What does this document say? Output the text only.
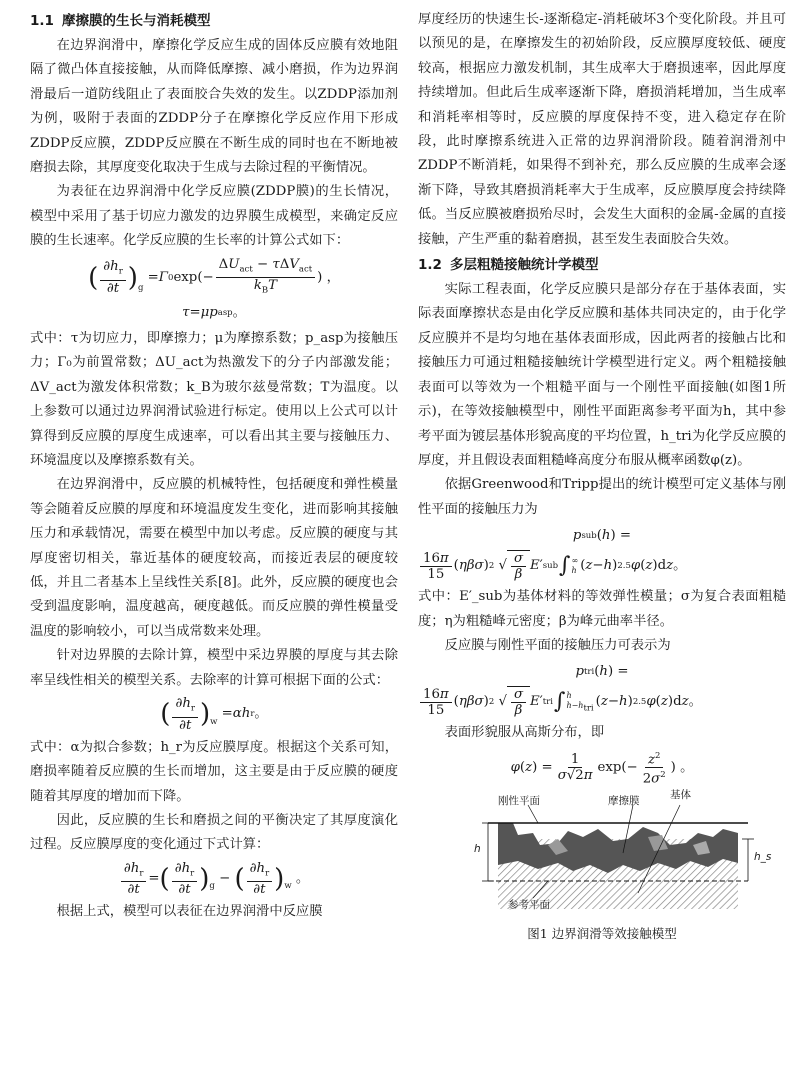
1.1 摩擦膜的生长与消耗模型

在边界润滑中，摩擦化学反应生成的固体反应膜有效地阻隔了微凸体直接接触，从而降低摩擦、减小磨损，作为边界润滑最后一道防线阻止了表面胶合失效的发生。以ZDDP添加剂为例，吸附于表面的ZDDP分子在摩擦化学反应作用下形成ZDDP反应膜，ZDDP反应膜在不断生成的同时也在不断地被磨损去除，其厚度变化取决于生成与去除过程的平衡情况。

为表征在边界润滑中化学反应膜(ZDDP膜)的生长情况，模型中采用了基于切应力激发的边界膜生成模型，来确定反应膜的生长速率。化学反应膜的生长率的计算公式如下：

( $\frac{\partial h_r}{\partial t} )_g$
= Γ 0 $\exp(- \frac{\Delta U_{act} - \tau\Delta V_{act}}{k_BT}$ ) ，
τ = μp asp 。

式中：τ为切应力，即摩擦力；μ为摩擦系数；p_asp为接触压力；Γ₀为前置常数；ΔU_act为热激发下的分子内部激发能；ΔV_act为激发体积常数；k_B为玻尔兹曼常数；T为温度。以上参数可以通过边界润滑试验进行标定。使用以上公式可以计算得到反应膜的厚度生成速率，可以看出其主要与接触压力、环境温度以及摩擦系数有关。

在边界润滑中，反应膜的机械特性，包括硬度和弹性模量等会随着反应膜的厚度和环境温度发生变化，进而影响其接触压力和承载情况，需要在模型中加以考虑。反应膜的硬度与其厚度密切相关，靠近基体的硬度较高，而接近表层的硬度较低，并且二者基本上呈线性关系[8]。此外，反应膜的硬度也会受到温度影响，温度越高，硬度越低。而反应膜的弹性模量受温度的影响较小，可以当成常数来处理。

针对边界膜的去除计算，模型中采边界膜的厚度与其去除率呈线性相关的模型关系。去除率的计算可根据下面的公式：

( $\frac{\partial h_r}{\partial t} )_w$
= αh r 。

式中：α为拟合参数；h_r为反应膜厚度。根据这个关系可知，磨损率随着反应膜的生长而增加，这主要是由于反应膜的硬度随着其厚度的增加而下降。

因此，反应膜的生长和磨损之间的平衡决定了其厚度演化过程。反应膜厚度的变化通过下式计算：

$\frac{\partial h_r}{\partial t}$ = ( $\frac{\partial h_r}{\partial t} )_g$
− ( $\frac{\partial h_r}{\partial t} )_w$
。

根据上式，模型可以表征在边界润滑中反应膜

厚度经历的快速生长-逐渐稳定-消耗破坏3个变化阶段。并且可以预见的是，在摩擦发生的初始阶段，反应膜厚度较低、硬度较高，根据应力激发机制，其生成率大于磨损速率，因此厚度持续增加。但此后生成率逐渐下降，磨损消耗增加，当生成率和消耗率相等时，反应膜的厚度保持不变，进入稳定存在阶段，此时摩擦系统进入正常的边界润滑阶段。随着润滑剂中ZDDP不断消耗，如果得不到补充，那么反应膜的生成率会逐渐下降，导致其磨损消耗率大于生成率，反应膜厚度会持续降低。当反应膜被磨损殆尽时，会发生大面积的金属-金属的直接接触，产生严重的黏着磨损，甚至发生表面胶合失效。

1.2 多层粗糙接触统计学模型

实际工程表面，化学反应膜只是部分存在于基体表面，实际表面摩擦状态是由化学反应膜和基体共同决定的，由于化学反应膜并不是均匀地在基体表面形成，因此两者的接触占比和接触压力可通过粗糙接触统计学模型进行定义。两个粗糙接触表面可以等效为一个粗糙平面与一个刚性平面接触(如图1所示)，在等效接触模型中，刚性平面距离参考平面为h，其中参考平面为镀层基体形貌高度的平均位置，h_tri为化学反应膜的厚度，并且假设表面粗糙峰高度分布服从概率函数φ(z)。

依据Greenwood和Tripp提出的统计模型可定义基体与刚性平面的接触压力为

p sub ( h ) =
$\frac{16\pi}{15}$ ( ηβσ ) 2 √ $\frac{\sigma}{\beta}$ E ′ sub ∫ ∞
h ( z − h ) 2.5 φ ( z )d z 。

式中：E′_sub为基体材料的等效弹性模量；σ为复合表面粗糙度；η为粗糙峰元密度；β为峰元曲率半径。

反应膜与刚性平面的接触压力可表示为

p tri ( h ) =
$\frac{16\pi}{15}$ ( ηβσ ) 2 √ $\frac{\sigma}{\beta}$ E ′ tri ∫ h
$h-h_{tri}$ ( z − h ) 2.5 φ ( z )d z 。

表面形貌服从高斯分布，即

φ ( z ) = $\frac{1}{\sigma√2\pi} \exp(- \frac{z^2}{2\sigma^2}$ ) 。
刚性平面	摩擦膜	基体
参考平面
h
h_s
图1 边界润滑等效接触模型
